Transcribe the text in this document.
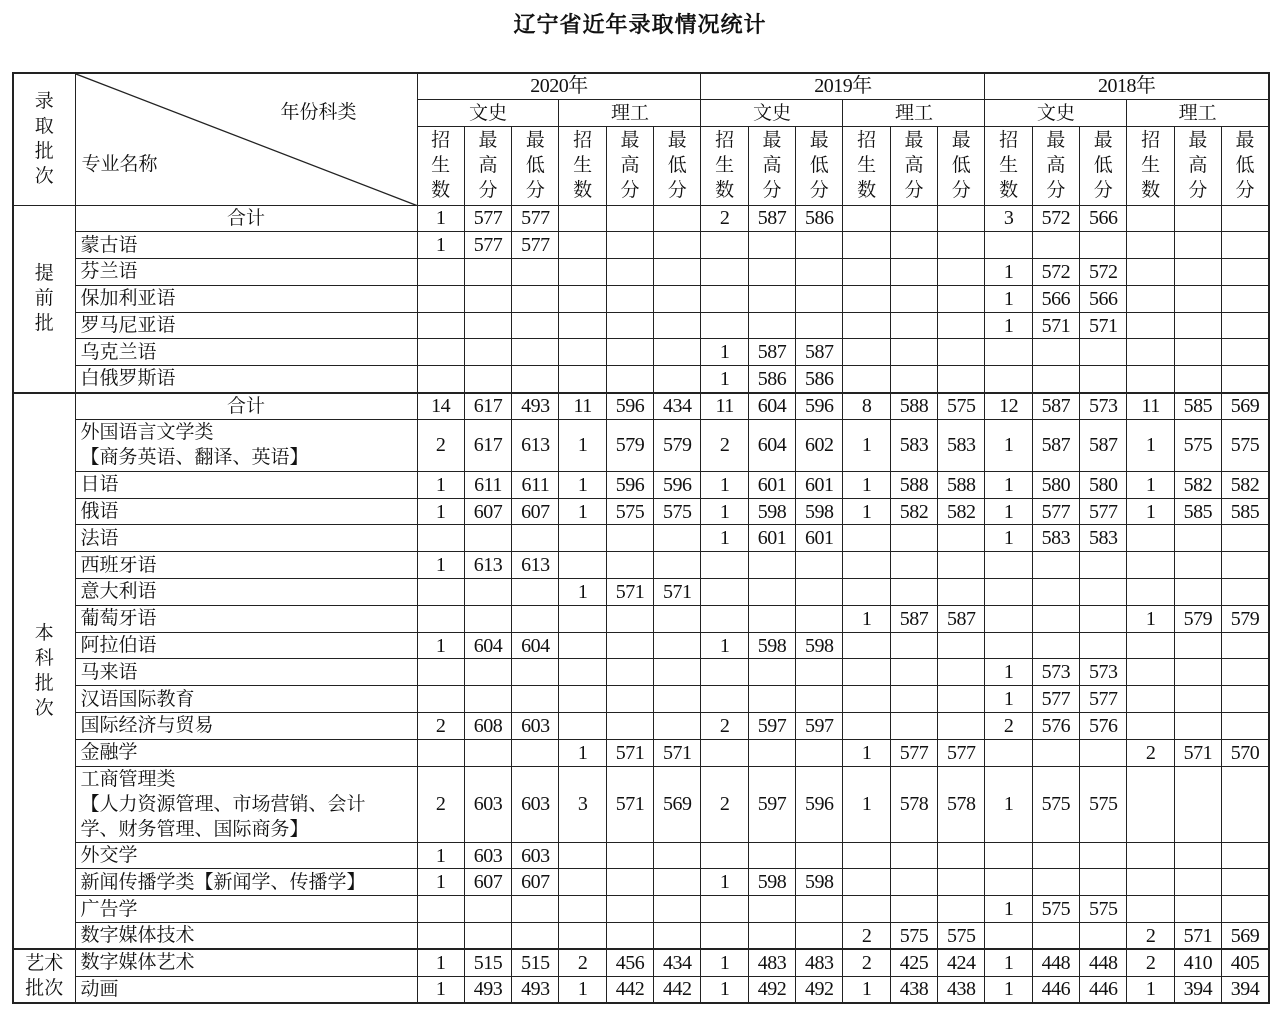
辽宁省近年录取情况统计
录取批次	年份科类
专业名称	2020年						2019年						2018年					
		文史			理工			文史			理工			文史			理工		
		招生数	最高分	最低分	招生数	最高分	最低分	招生数	最高分	最低分	招生数	最高分	最低分	招生数	最高分	最低分	招生数	最高分	最低分
提前批	合计	1	577	577				2	587	586				3	572	566			
	蒙古语	1	577	577															
	芬兰语													1	572	572			
	保加利亚语													1	566	566			
	罗马尼亚语													1	571	571			
	乌克兰语							1	587	587									
	白俄罗斯语							1	586	586									
本科批次	合计	14	617	493	11	596	434	11	604	596	8	588	575	12	587	573	11	585	569
	外国语言文学类
【商务英语、翻译、英语】	2	617	613	1	579	579	2	604	602	1	583	583	1	587	587	1	575	575
	日语	1	611	611	1	596	596	1	601	601	1	588	588	1	580	580	1	582	582
	俄语	1	607	607	1	575	575	1	598	598	1	582	582	1	577	577	1	585	585
	法语							1	601	601				1	583	583			
	西班牙语	1	613	613															
	意大利语				1	571	571												
	葡萄牙语										1	587	587				1	579	579
	阿拉伯语	1	604	604				1	598	598									
	马来语													1	573	573			
	汉语国际教育													1	577	577			
	国际经济与贸易	2	608	603				2	597	597				2	576	576			
	金融学				1	571	571				1	577	577				2	571	570
	工商管理类
【人力资源管理、市场营销、会计
学、财务管理、国际商务】	2	603	603	3	571	569	2	597	596	1	578	578	1	575	575			
	外交学	1	603	603															
	新闻传播学类【新闻学、传播学】	1	607	607				1	598	598									
	广告学													1	575	575			
	数字媒体技术										2	575	575				2	571	569
艺术批次	数字媒体艺术	1	515	515	2	456	434	1	483	483	2	425	424	1	448	448	2	410	405
	动画	1	493	493	1	442	442	1	492	492	1	438	438	1	446	446	1	394	394
